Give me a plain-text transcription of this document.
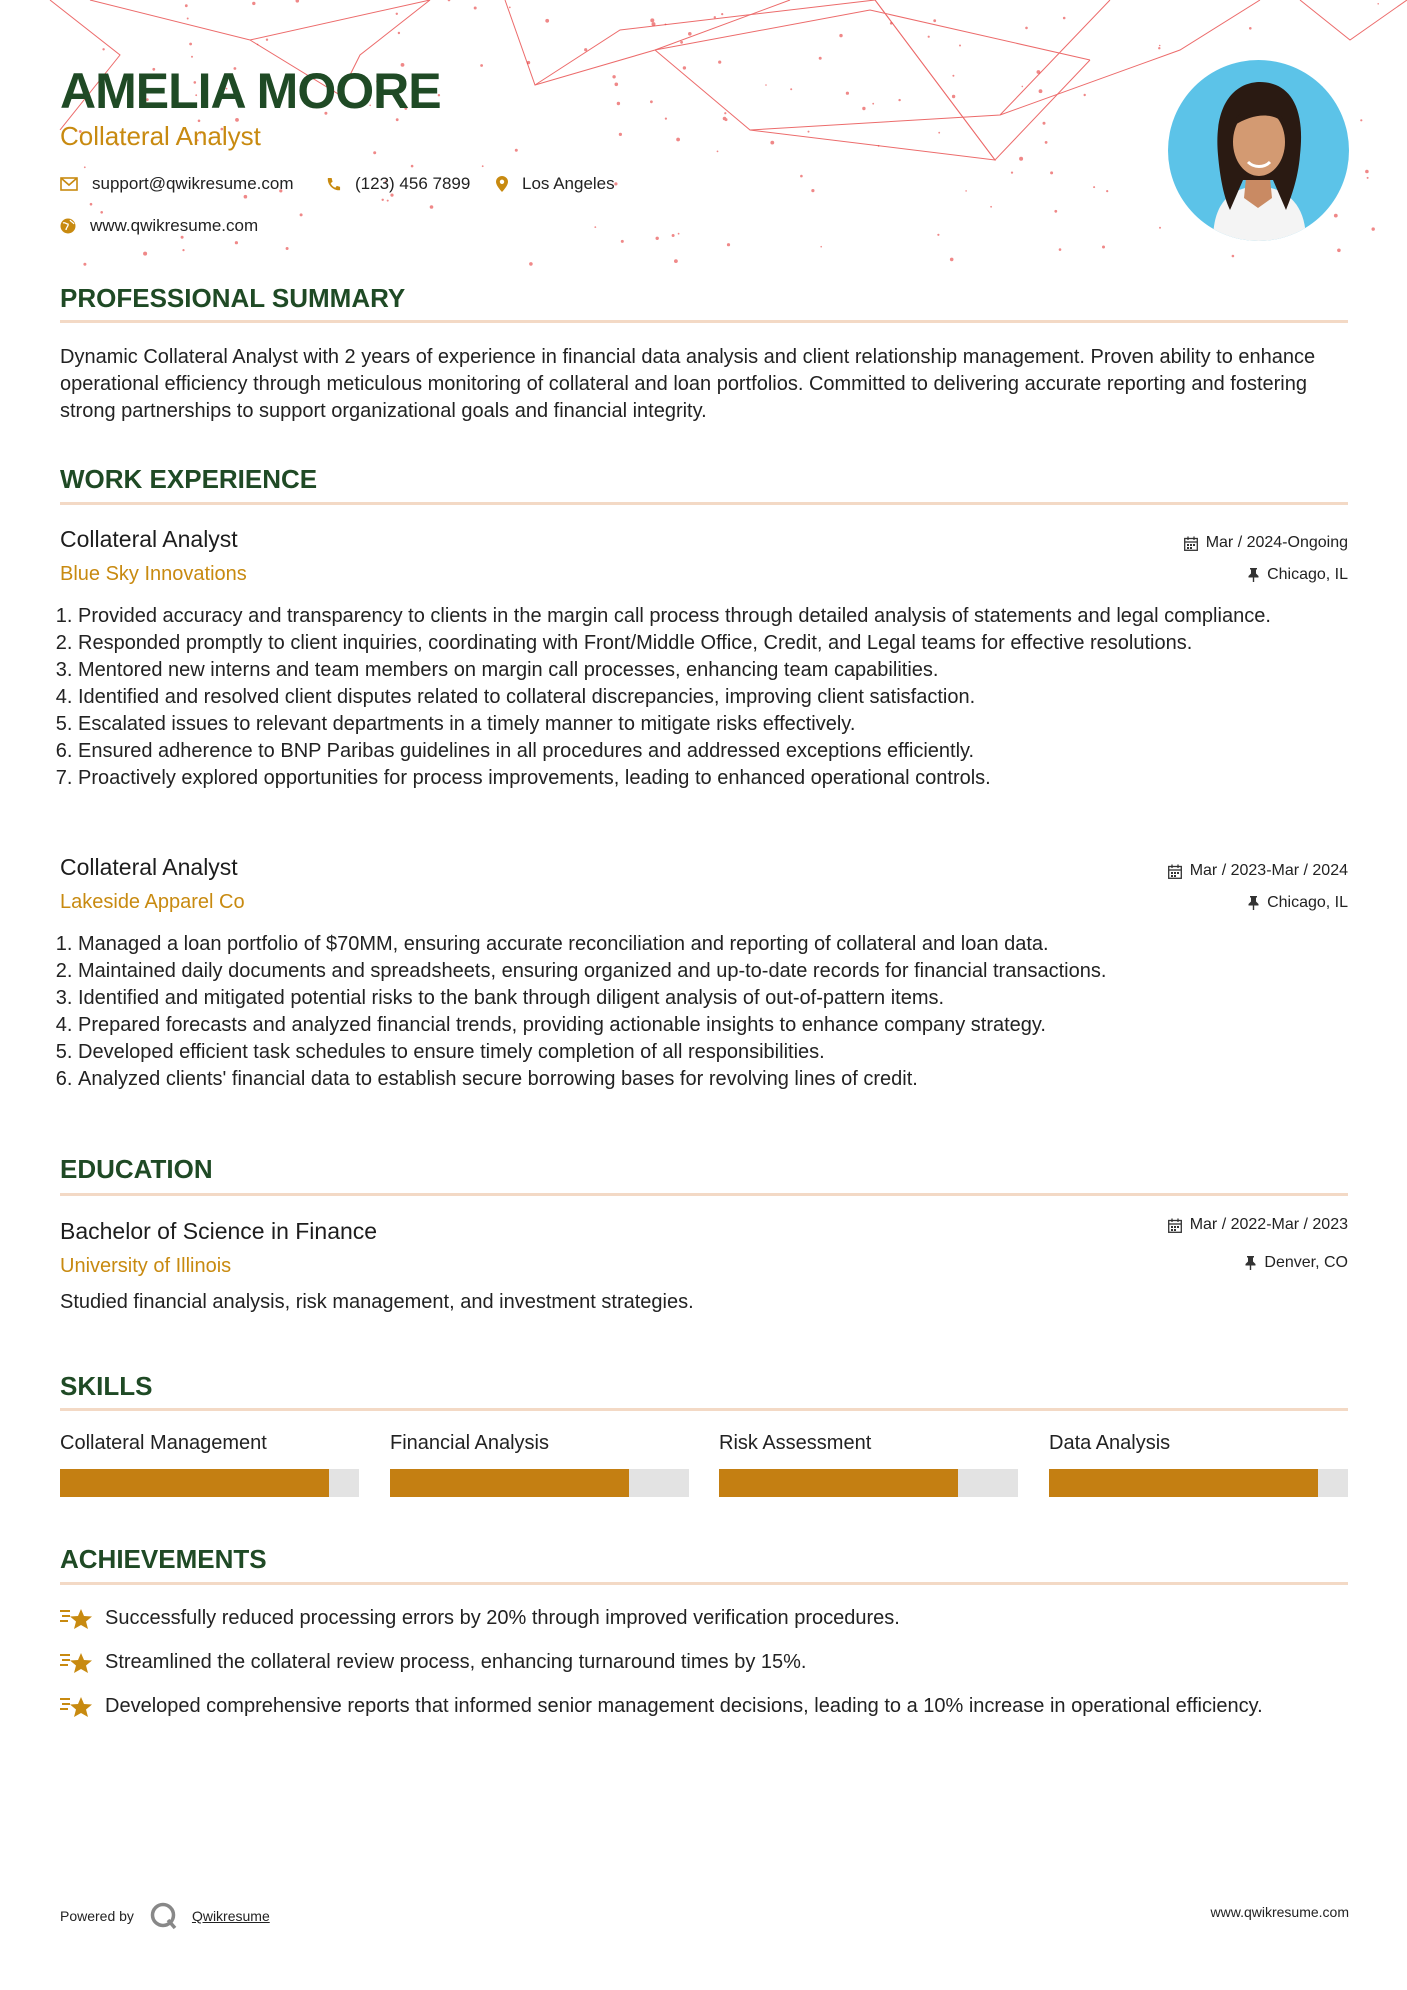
AMELIA MOORE
Collateral Analyst
support@qwikresume.com	(123) 456 7899	Los Angeles
www.qwikresume.com
PROFESSIONAL SUMMARY
Dynamic Collateral Analyst with 2 years of experience in financial data analysis and client relationship management. Proven ability to enhance operational efficiency through meticulous monitoring of collateral and loan portfolios. Committed to delivering accurate reporting and fostering strong partnerships to support organizational goals and financial integrity.
WORK EXPERIENCE
Collateral Analyst
Blue Sky Innovations
Mar / 2024-Ongoing
Chicago, IL
1. Provided accuracy and transparency to clients in the margin call process through detailed analysis of statements and legal compliance.
2. Responded promptly to client inquiries, coordinating with Front/Middle Office, Credit, and Legal teams for effective resolutions.
3. Mentored new interns and team members on margin call processes, enhancing team capabilities.
4. Identified and resolved client disputes related to collateral discrepancies, improving client satisfaction.
5. Escalated issues to relevant departments in a timely manner to mitigate risks effectively.
6. Ensured adherence to BNP Paribas guidelines in all procedures and addressed exceptions efficiently.
7. Proactively explored opportunities for process improvements, leading to enhanced operational controls.
Collateral Analyst
Lakeside Apparel Co
Mar / 2023-Mar / 2024
Chicago, IL
1. Managed a loan portfolio of $70MM, ensuring accurate reconciliation and reporting of collateral and loan data.
2. Maintained daily documents and spreadsheets, ensuring organized and up-to-date records for financial transactions.
3. Identified and mitigated potential risks to the bank through diligent analysis of out-of-pattern items.
4. Prepared forecasts and analyzed financial trends, providing actionable insights to enhance company strategy.
5. Developed efficient task schedules to ensure timely completion of all responsibilities.
6. Analyzed clients' financial data to establish secure borrowing bases for revolving lines of credit.
EDUCATION
Bachelor of Science in Finance
University of Illinois
Mar / 2022-Mar / 2023
Denver, CO
Studied financial analysis, risk management, and investment strategies.
SKILLS
Collateral Management	Financial Analysis	Risk Assessment	Data Analysis
ACHIEVEMENTS
Successfully reduced processing errors by 20% through improved verification procedures.
Streamlined the collateral review process, enhancing turnaround times by 15%.
Developed comprehensive reports that informed senior management decisions, leading to a 10% increase in operational efficiency.
Powered by	Qwikresume	www.qwikresume.com
